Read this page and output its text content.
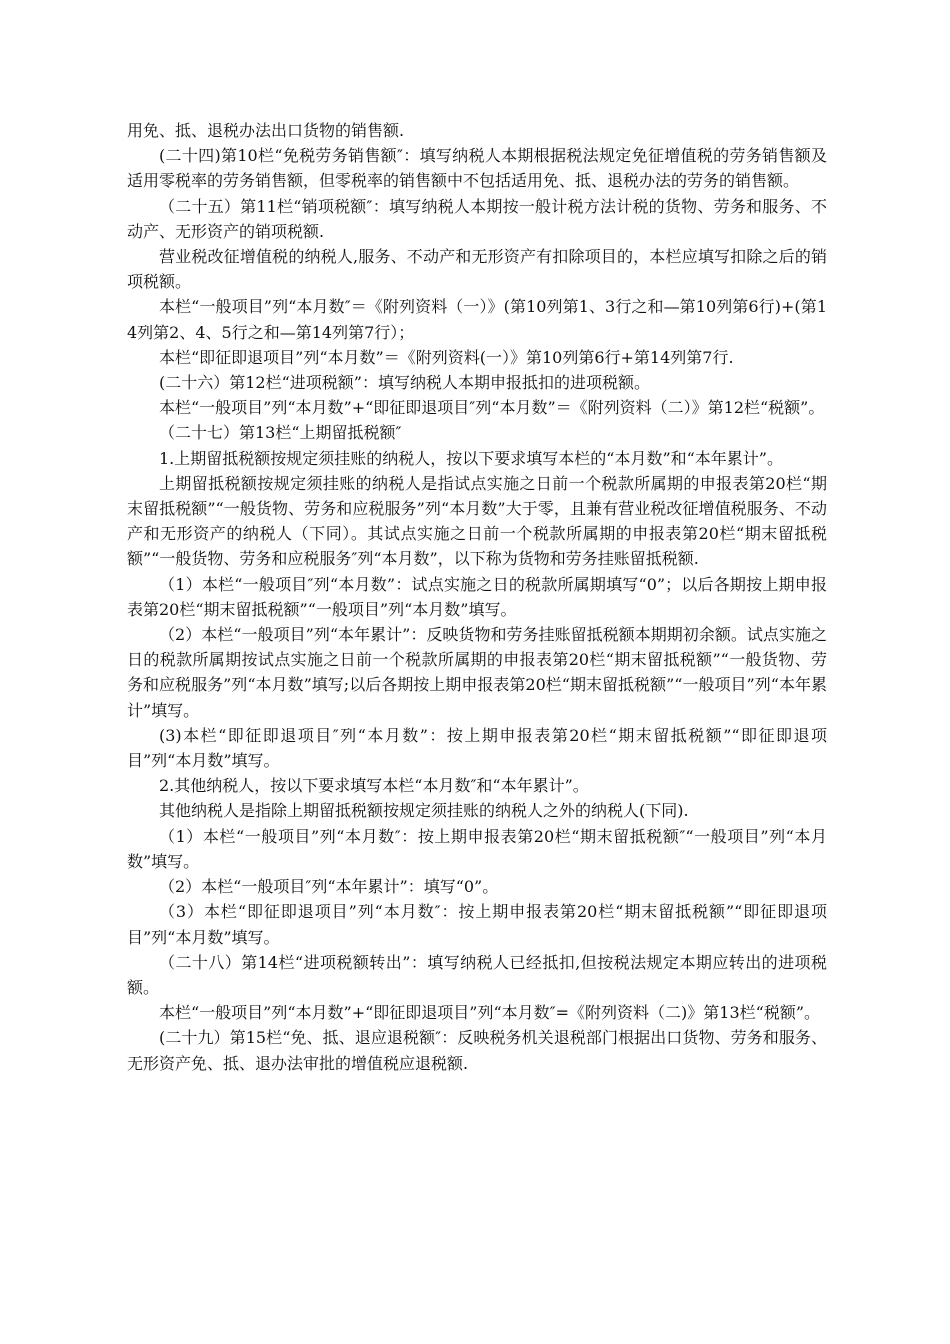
用免、抵、退税办法出口货物的销售额.

(二十四)第10栏“免税劳务销售额″：填写纳税人本期根据税法规定免征增值税的劳务销售额及适用零税率的劳务销售额，但零税率的销售额中不包括适用免、抵、退税办法的劳务的销售额。

（二十五）第11栏“销项税额″：填写纳税人本期按一般计税方法计税的货物、劳务和服务、不动产、无形资产的销项税额.

营业税改征增值税的纳税人,服务、不动产和无形资产有扣除项目的，本栏应填写扣除之后的销项税额。

本栏“一般项目”列“本月数″＝《附列资料（一）》(第10列第1、3行之和—第10列第6行)+(第14列第2、4、5行之和—第14列第7行）；

本栏“即征即退项目”列“本月数”＝《附列资料(一）》第10列第6行+第14列第7行.

(二十六）第12栏“进项税额”：填写纳税人本期申报抵扣的进项税额。

本栏“一般项目”列“本月数”+“即征即退项目″列“本月数”＝《附列资料（二）》第12栏“税额”。

（二十七）第13栏“上期留抵税额″

1.上期留抵税额按规定须挂账的纳税人，按以下要求填写本栏的“本月数”和“本年累计”。

上期留抵税额按规定须挂账的纳税人是指试点实施之日前一个税款所属期的申报表第20栏“期末留抵税额”“一般货物、劳务和应税服务”列“本月数”大于零，且兼有营业税改征增值税服务、不动产和无形资产的纳税人（下同）。其试点实施之日前一个税款所属期的申报表第20栏“期末留抵税额”“一般货物、劳务和应税服务″列“本月数”，以下称为货物和劳务挂账留抵税额.

（1）本栏“一般项目″列“本月数”：试点实施之日的税款所属期填写“0”；以后各期按上期申报表第20栏“期末留抵税额”“一般项目”列“本月数”填写。

（2）本栏“一般项目”列“本年累计”：反映货物和劳务挂账留抵税额本期期初余额。试点实施之日的税款所属期按试点实施之日前一个税款所属期的申报表第20栏“期末留抵税额”“一般货物、劳务和应税服务”列“本月数”填写;以后各期按上期申报表第20栏“期末留抵税额”“一般项目”列“本年累计”填写。

(3)本栏“即征即退项目″列“本月数”：按上期申报表第20栏“期末留抵税额”“即征即退项目”列“本月数”填写。

2.其他纳税人，按以下要求填写本栏“本月数″和“本年累计”。

其他纳税人是指除上期留抵税额按规定须挂账的纳税人之外的纳税人(下同).

（1）本栏“一般项目”列“本月数″：按上期申报表第20栏“期末留抵税额″“一般项目”列“本月数”填写。

（2）本栏“一般项目″列“本年累计”：填写“0”。

（3）本栏“即征即退项目”列“本月数″：按上期申报表第20栏“期末留抵税额”“即征即退项目”列“本月数”填写。

（二十八）第14栏“进项税额转出”：填写纳税人已经抵扣,但按税法规定本期应转出的进项税额。

本栏“一般项目”列“本月数”+“即征即退项目”列“本月数″=《附列资料（二)》第13栏“税额”。

(二十九）第15栏“免、抵、退应退税额″：反映税务机关退税部门根据出口货物、劳务和服务、无形资产免、抵、退办法审批的增值税应退税额.
